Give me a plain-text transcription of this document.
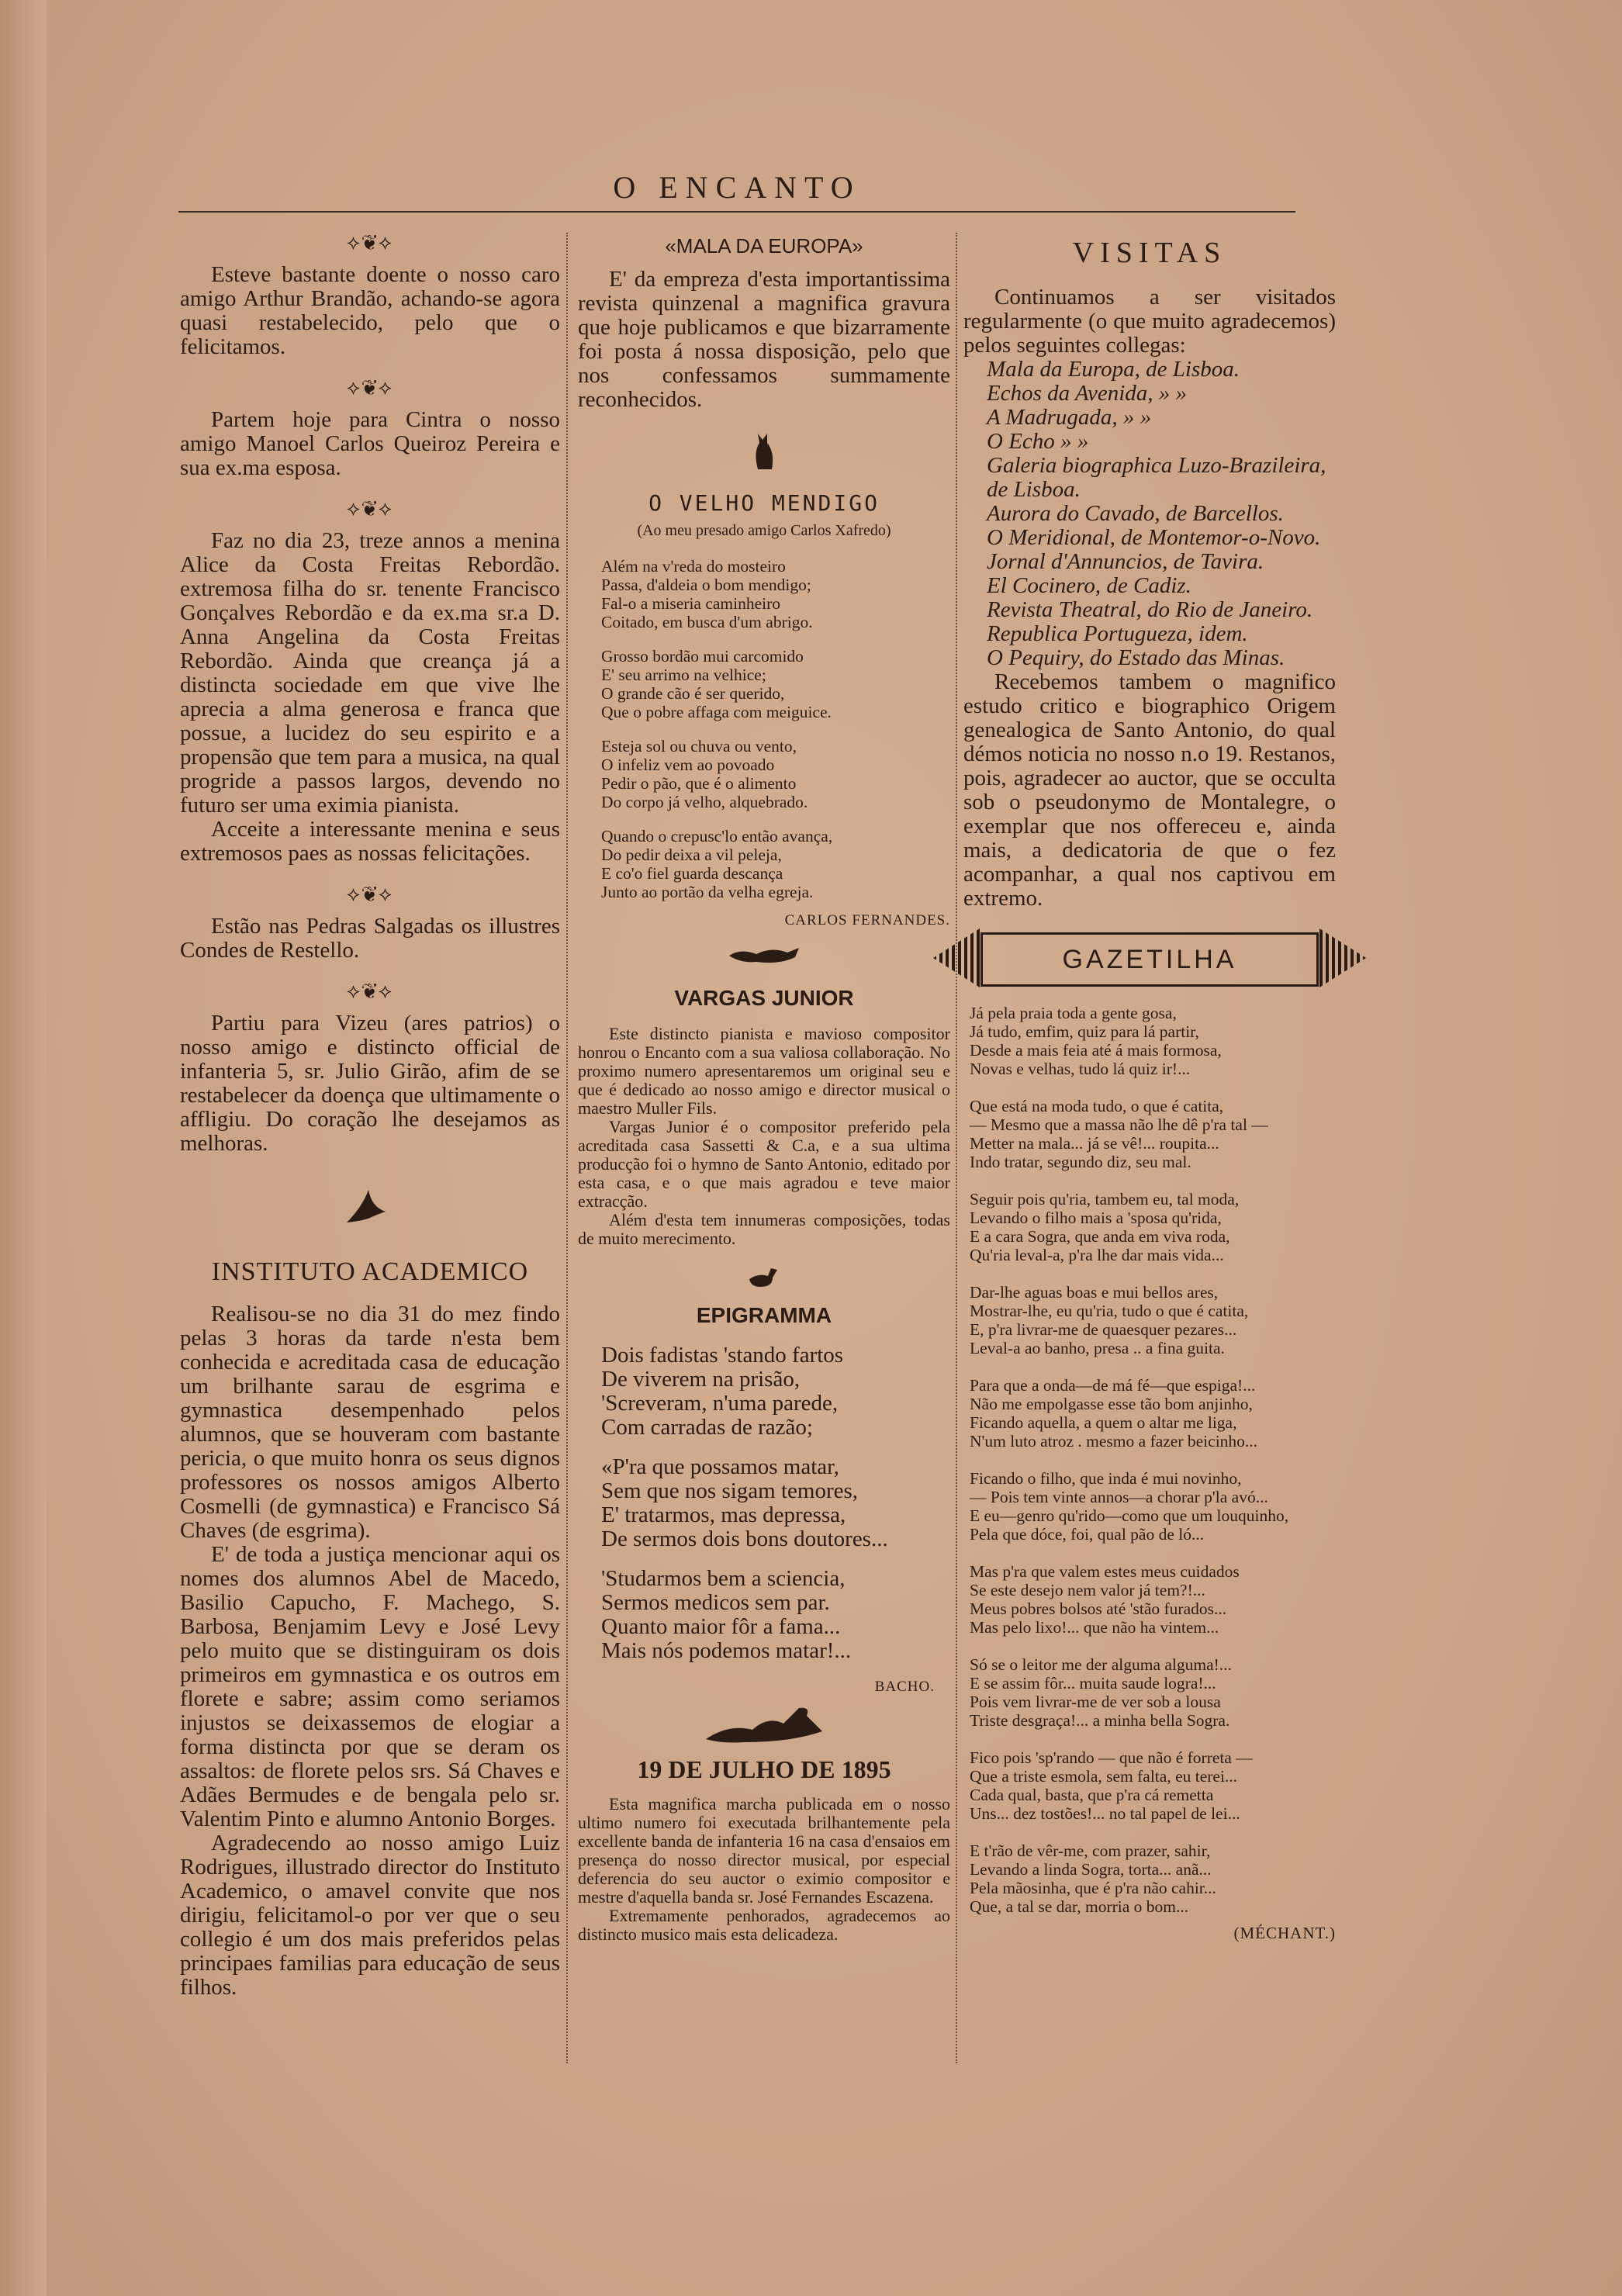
O ENCANTO
⟡❦⟡

Esteve bastante doente o nosso caro amigo Arthur Brandão, achando-se agora quasi restabelecido, pelo que o felicitamos.

⟡❦⟡

Partem hoje para Cintra o nosso amigo Manoel Carlos Queiroz Pereira e sua ex.ma esposa.

⟡❦⟡

Faz no dia 23, treze annos a menina Alice da Costa Freitas Rebordão. extremosa filha do sr. tenente Francisco Gonçalves Rebordão e da ex.ma sr.a D. Anna Angelina da Costa Freitas Rebordão. Ainda que creança já a distincta sociedade em que vive lhe aprecia a alma generosa e franca que possue, a lucidez do seu espirito e a propensão que tem para a musica, na qual progride a passos largos, devendo no futuro ser uma eximia pianista.

Acceite a interessante menina e seus extremosos paes as nossas felicitações.

⟡❦⟡

Estão nas Pedras Salgadas os illustres Condes de Restello.

⟡❦⟡

Partiu para Vizeu (ares patrios) o nosso amigo e distincto official de infanteria 5, sr. Julio Girão, afim de se restabelecer da doença que ultimamente o affligiu. Do coração lhe desejamos as melhoras.

INSTITUTO ACADEMICO

Realisou-se no dia 31 do mez findo pelas 3 horas da tarde n'esta bem conhecida e acreditada casa de educação um brilhante sarau de esgrima e gymnastica desempenhado pelos alumnos, que se houveram com bastante pericia, o que muito honra os seus dignos professores os nossos amigos Alberto Cosmelli (de gymnastica) e Francisco Sá Chaves (de esgrima).

E' de toda a justiça mencionar aqui os nomes dos alumnos Abel de Macedo, Basilio Capucho, F. Machego, S. Barbosa, Benjamim Levy e José Levy pelo muito que se distinguiram os dois primeiros em gymnastica e os outros em florete e sabre; assim como seriamos injustos se deixassemos de elogiar a forma distincta por que se deram os assaltos: de florete pelos srs. Sá Chaves e Adães Bermudes e de bengala pelo sr. Valentim Pinto e alumno Antonio Borges.

Agradecendo ao nosso amigo Luiz Rodrigues, illustrado director do Instituto Academico, o amavel convite que nos dirigiu, felicitamol-o por ver que o seu collegio é um dos mais preferidos pelas principaes familias para educação de seus filhos.

«MALA DA EUROPA»

E' da empreza d'esta importantissima revista quinzenal a magnifica gravura que hoje publicamos e que bizarramente foi posta á nossa disposição, pelo que nos confessamos summamente reconhecidos.

O VELHO MENDIGO
(Ao meu presado amigo Carlos Xafredo)
Além na v'reda do mosteiro
Passa, d'aldeia o bom mendigo;
Fal-o a miseria caminheiro
Coitado, em busca d'um abrigo.
Grosso bordão mui carcomido
E' seu arrimo na velhice;
O grande cão é ser querido,
Que o pobre affaga com meiguice.
Esteja sol ou chuva ou vento,
O infeliz vem ao povoado
Pedir o pão, que é o alimento
Do corpo já velho, alquebrado.
Quando o crepusc'lo então avança,
Do pedir deixa a vil peleja,
E co'o fiel guarda descança
Junto ao portão da velha egreja.
CARLOS FERNANDES.
VARGAS JUNIOR

Este distincto pianista e mavioso compositor honrou o Encanto com a sua valiosa collaboração. No proximo numero apresentaremos um original seu e que é dedicado ao nosso amigo e director musical o maestro Muller Fils.

Vargas Junior é o compositor preferido pela acreditada casa Sassetti & C.a, e a sua ultima producção foi o hymno de Santo Antonio, editado por esta casa, e o que mais agradou e teve maior extracção.

Além d'esta tem innumeras composições, todas de muito merecimento.

EPIGRAMMA
Dois fadistas 'stando fartos
De viverem na prisão,
'Screveram, n'uma parede,
Com carradas de razão;
«P'ra que possamos matar,
Sem que nos sigam temores,
E' tratarmos, mas depressa,
De sermos dois bons doutores...
'Studarmos bem a sciencia,
Sermos medicos sem par.
Quanto maior fôr a fama...
Mais nós podemos matar!...
BACHO.
19 DE JULHO DE 1895

Esta magnifica marcha publicada em o nosso ultimo numero foi executada brilhantemente pela excellente banda de infanteria 16 na casa d'ensaios em presença do nosso director musical, por especial deferencia do seu auctor o eximio compositor e mestre d'aquella banda sr. José Fernandes Escazena.

Extremamente penhorados, agradecemos ao distincto musico mais esta delicadeza.

VISITAS

Continuamos a ser visitados regularmente (o que muito agradecemos) pelos seguintes collegas:

Mala da Europa, de Lisboa.
Echos da Avenida, » »
A Madrugada, » »
O Echo » »
Galeria biographica Luzo-Brazileira, de Lisboa.
Aurora do Cavado, de Barcellos.
O Meridional, de Montemor-o-Novo.
Jornal d'Annuncios, de Tavira.
El Cocinero, de Cadiz.
Revista Theatral, do Rio de Janeiro.
Republica Portugueza, idem.
O Pequiry, do Estado das Minas.

Recebemos tambem o magnifico estudo critico e biographico Origem genealogica de Santo Antonio, do qual démos noticia no nosso n.o 19. Restanos, pois, agradecer ao auctor, que se occulta sob o pseudonymo de Montalegre, o exemplar que nos offereceu e, ainda mais, a dedicatoria de que o fez acompanhar, a qual nos captivou em extremo.

GAZETILHA
Já pela praia toda a gente gosa,
Já tudo, emfim, quiz para lá partir,
Desde a mais feia até á mais formosa,
Novas e velhas, tudo lá quiz ir!...
Que está na moda tudo, o que é catita,
— Mesmo que a massa não lhe dê p'ra tal —
Metter na mala... já se vê!... roupita...
Indo tratar, segundo diz, seu mal.
Seguir pois qu'ria, tambem eu, tal moda,
Levando o filho mais a 'sposa qu'rida,
E a cara Sogra, que anda em viva roda,
Qu'ria leval-a, p'ra lhe dar mais vida...
Dar-lhe aguas boas e mui bellos ares,
Mostrar-lhe, eu qu'ria, tudo o que é catita,
E, p'ra livrar-me de quaesquer pezares...
Leval-a ao banho, presa .. a fina guita.
Para que a onda—de má fé—que espiga!...
Não me empolgasse esse tão bom anjinho,
Ficando aquella, a quem o altar me liga,
N'um luto atroz . mesmo a fazer beicinho...
Ficando o filho, que inda é mui novinho,
— Pois tem vinte annos—a chorar p'la avó...
E eu—genro qu'rido—como que um louquinho,
Pela que dóce, foi, qual pão de ló...
Mas p'ra que valem estes meus cuidados
Se este desejo nem valor já tem?!...
Meus pobres bolsos até 'stão furados...
Mas pelo lixo!... que não ha vintem...
Só se o leitor me der alguma alguma!...
E se assim fôr... muita saude logra!...
Pois vem livrar-me de ver sob a lousa
Triste desgraça!... a minha bella Sogra.
Fico pois 'sp'rando — que não é forreta —
Que a triste esmola, sem falta, eu terei...
Cada qual, basta, que p'ra cá remetta
Uns... dez tostões!... no tal papel de lei...
E t'rão de vêr-me, com prazer, sahir,
Levando a linda Sogra, torta... anã...
Pela mãosinha, que é p'ra não cahir...
Que, a tal se dar, morria o bom...
(MÉCHANT.)
